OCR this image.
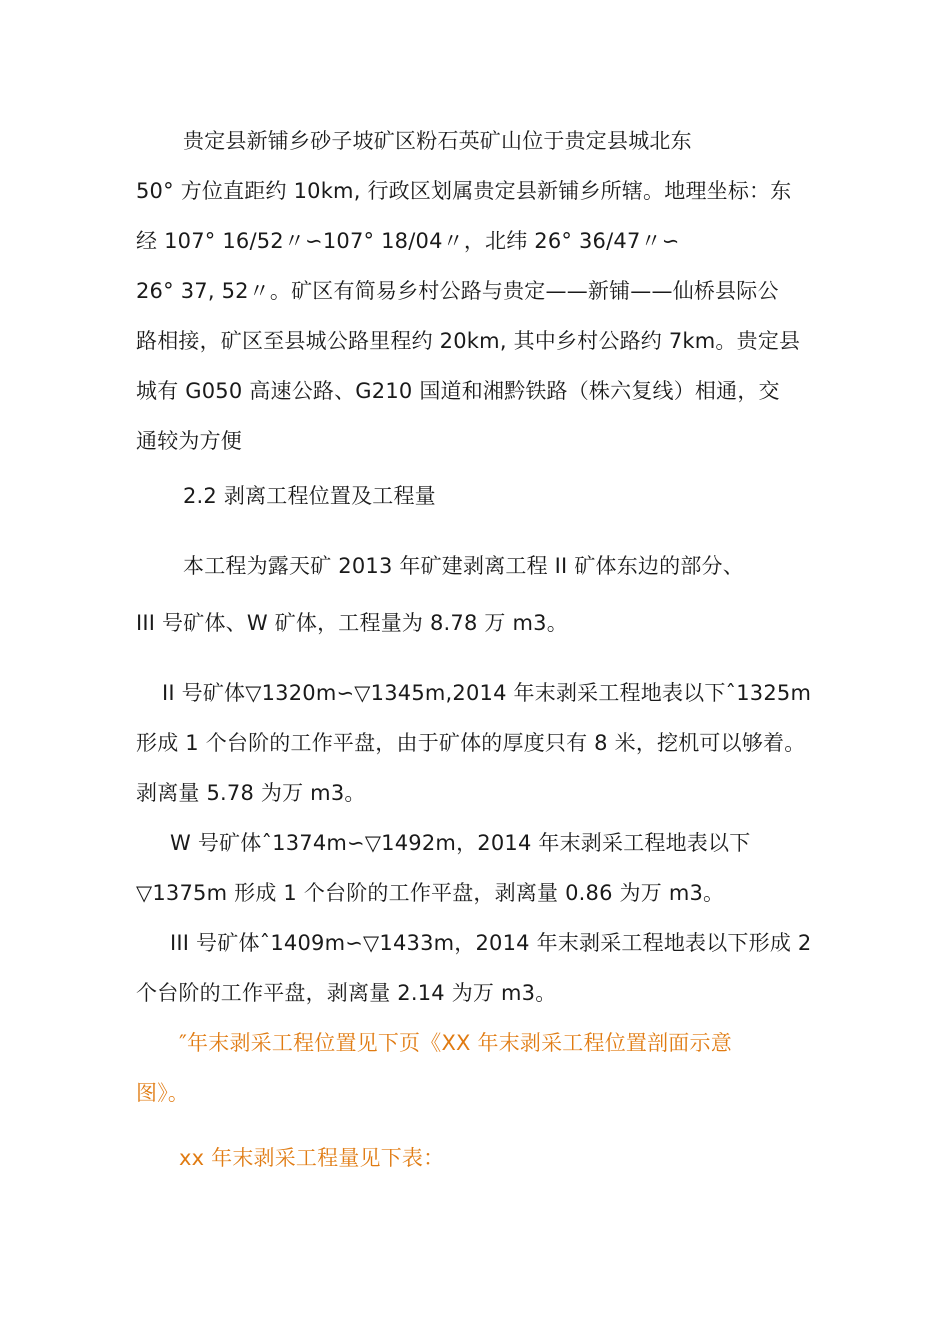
贵定县新铺乡砂子坡矿区粉石英矿山位于贵定县城北东
50° 方位直距约 10km, 行政区划属贵定县新铺乡所辖。地理坐标：东
经 107° 16/52〃∽107° 18/04〃，北纬 26° 36/47〃∽
26° 37, 52〃。矿区有简易乡村公路与贵定——新铺——仙桥县际公
路相接，矿区至县城公路里程约 20km, 其中乡村公路约 7km。贵定县
城有 G050 高速公路、G210 国道和湘黔铁路（株六复线）相通，交
通较为方便
2.2 剥离工程位置及工程量
本工程为露天矿 2013 年矿建剥离工程 II 矿体东边的部分、
III 号矿体、W 矿体，工程量为 8.78 万 m3。
II 号矿体▽1320m∽▽1345m,2014 年末剥采工程地表以下ˆ1325m
形成 1 个台阶的工作平盘，由于矿体的厚度只有 8 米，挖机可以够着。
剥离量 5.78 为万 m3。
W 号矿体ˆ1374m∽▽1492m，2014 年末剥采工程地表以下
▽1375m 形成 1 个台阶的工作平盘，剥离量 0.86 为万 m3。
III 号矿体ˆ1409m∽▽1433m，2014 年末剥采工程地表以下形成 2
个台阶的工作平盘，剥离量 2.14 为万 m3。
″年末剥采工程位置见下页《XX 年末剥采工程位置剖面示意
图》。
xx 年末剥采工程量见下表：
